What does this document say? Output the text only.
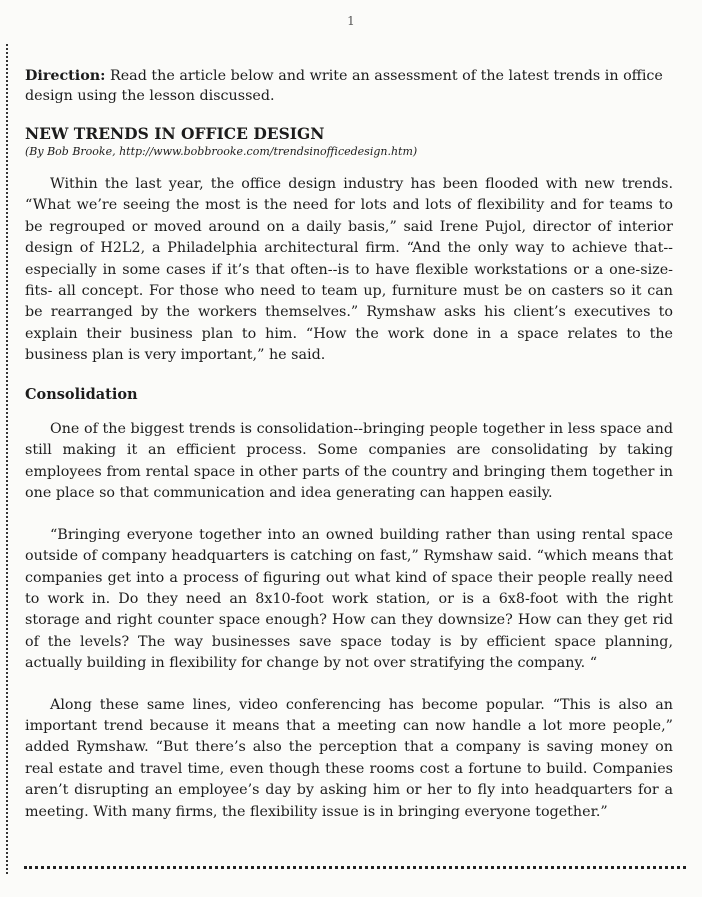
1

Direction: Read the article below and write an assessment of the latest trends in office design using the lesson discussed.

NEW TRENDS IN OFFICE DESIGN
(By Bob Brooke, http://www.bobbrooke.com/trendsinofficedesign.htm)

Within the last year, the office design industry has been flooded with new trends. “What we’re seeing the most is the need for lots and lots of flexibility and for teams to be regrouped or moved around on a daily basis,” said Irene Pujol, director of interior design of H2L2, a Philadelphia architectural firm. “And the only way to achieve that--especially in some cases if it’s that often--is to have flexible workstations or a one-size-fits- all concept. For those who need to team up, furniture must be on casters so it can be rearranged by the workers themselves.” Rymshaw asks his client’s executives to explain their business plan to him. “How the work done in a space relates to the business plan is very important,” he said.

Consolidation

One of the biggest trends is consolidation--bringing people together in less space and still making it an efficient process. Some companies are consolidating by taking employees from rental space in other parts of the country and bringing them together in one place so that communication and idea generating can happen easily.

“Bringing everyone together into an owned building rather than using rental space outside of company headquarters is catching on fast,” Rymshaw said. “which means that companies get into a process of figuring out what kind of space their people really need to work in. Do they need an 8x10-foot work station, or is a 6x8-foot with the right storage and right counter space enough? How can they downsize? How can they get rid of the levels? The way businesses save space today is by efficient space planning, actually building in flexibility for change by not over stratifying the company. “

Along these same lines, video conferencing has become popular. “This is also an important trend because it means that a meeting can now handle a lot more people,” added Rymshaw. “But there’s also the perception that a company is saving money on real estate and travel time, even though these rooms cost a fortune to build. Companies aren’t disrupting an employee’s day by asking him or her to fly into headquarters for a meeting. With many firms, the flexibility issue is in bringing everyone together.”
